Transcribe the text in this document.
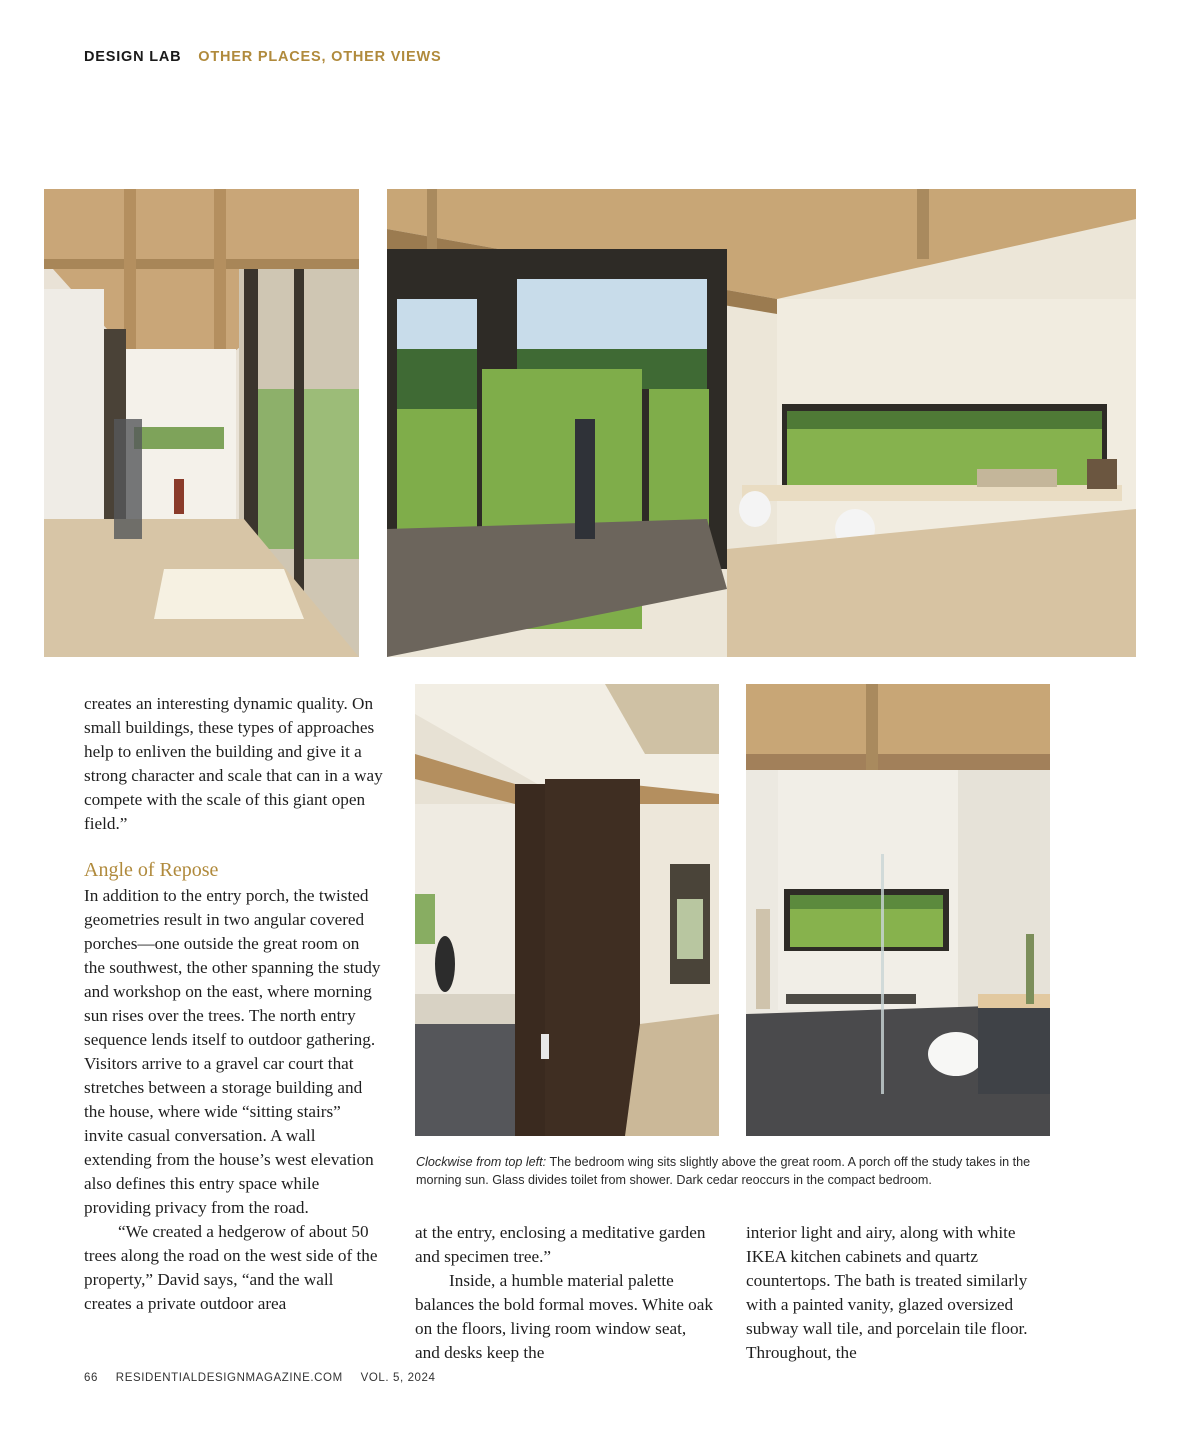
DESIGN LAB OTHER PLACES, OTHER VIEWS

creates an interesting dynamic quality. On small buildings, these types of approaches help to enliven the building and give it a strong character and scale that can in a way compete with the scale of this giant open field.”

Angle of Repose

In addition to the entry porch, the twisted geometries result in two angular covered porches—one outside the great room on the southwest, the other spanning the study and workshop on the east, where morning sun rises over the trees. The north entry sequence lends itself to outdoor gathering. Visitors arrive to a gravel car court that stretches between a storage building and the house, where wide “sitting stairs” invite casual conversation. A wall extending from the house’s west elevation also defines this entry space while providing privacy from the road.

“We created a hedgerow of about 50 trees along the road on the west side of the property,” David says, “and the wall creates a private outdoor area

Clockwise from top left: The bedroom wing sits slightly above the great room. A porch off the study takes in the morning sun. Glass divides toilet from shower. Dark cedar reoccurs in the compact bedroom.

at the entry, enclosing a meditative garden and specimen tree.”

Inside, a humble material palette balances the bold formal moves. White oak on the floors, living room window seat, and desks keep the

interior light and airy, along with white IKEA kitchen cabinets and quartz countertops. The bath is treated similarly with a painted vanity, glazed oversized subway wall tile, and porcelain tile floor. Throughout, the

66 RESIDENTIALDESIGNMAGAZINE.COM VOL. 5, 2024
